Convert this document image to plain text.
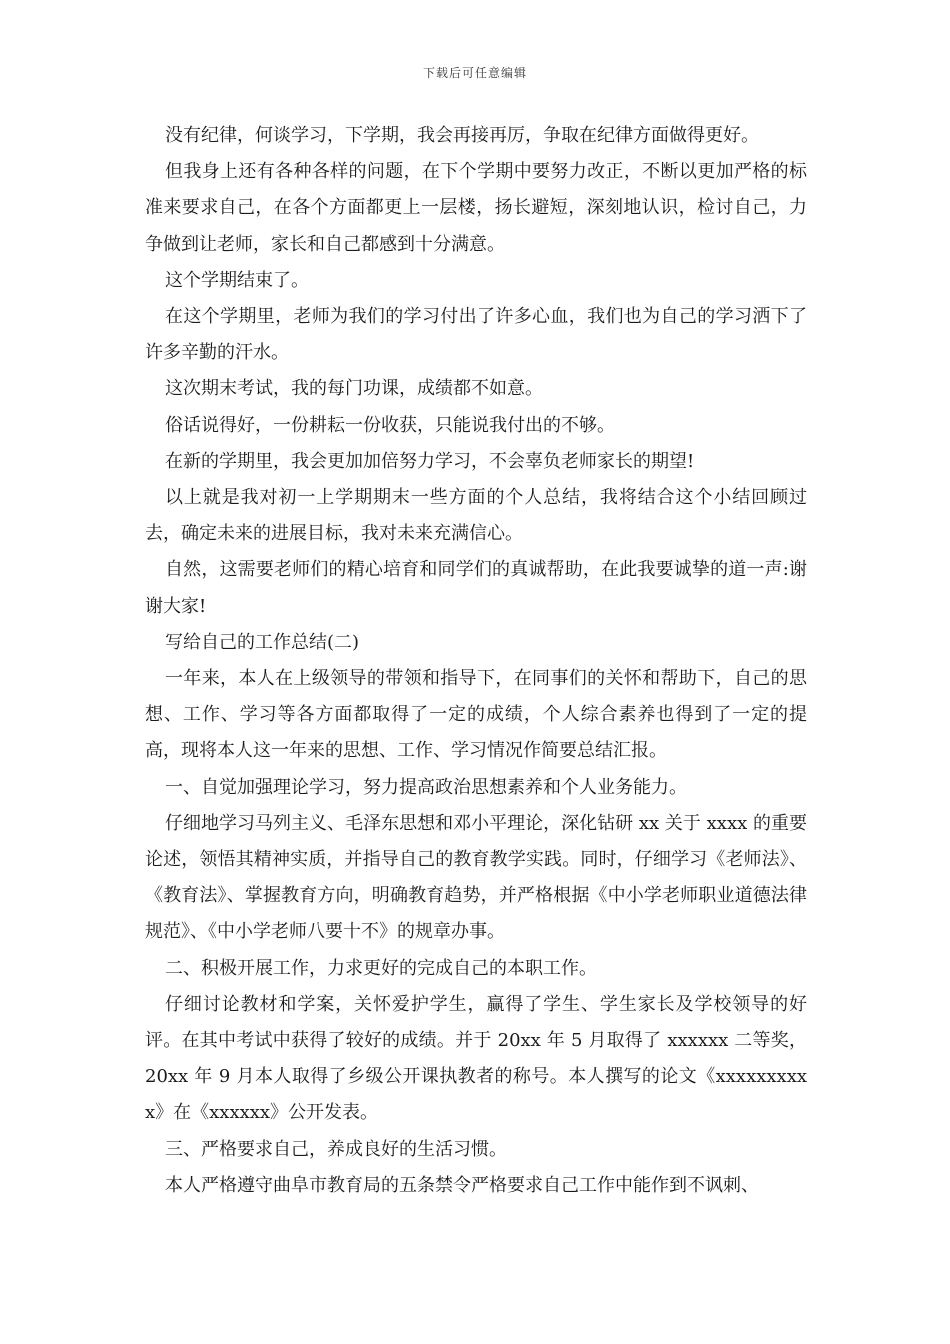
下载后可任意编辑

没有纪律，何谈学习，下学期，我会再接再厉，争取在纪律方面做得更好。

但我身上还有各种各样的问题，在下个学期中要努力改正，不断以更加严格的标准来要求自己，在各个方面都更上一层楼，扬长避短，深刻地认识，检讨自己，力争做到让老师，家长和自己都感到十分满意。

这个学期结束了。

在这个学期里，老师为我们的学习付出了许多心血，我们也为自己的学习洒下了许多辛勤的汗水。

这次期末考试，我的每门功课，成绩都不如意。

俗话说得好，一份耕耘一份收获，只能说我付出的不够。

在新的学期里，我会更加加倍努力学习，不会辜负老师家长的期望!

以上就是我对初一上学期期末一些方面的个人总结，我将结合这个小结回顾过去，确定未来的进展目标，我对未来充满信心。

自然，这需要老师们的精心培育和同学们的真诚帮助，在此我要诚挚的道一声:谢谢大家!

写给自己的工作总结(二)

一年来，本人在上级领导的带领和指导下，在同事们的关怀和帮助下，自己的思想、工作、学习等各方面都取得了一定的成绩，个人综合素养也得到了一定的提高，现将本人这一年来的思想、工作、学习情况作简要总结汇报。

一、自觉加强理论学习，努力提高政治思想素养和个人业务能力。

仔细地学习马列主义、毛泽东思想和邓小平理论，深化钻研 xx 关于 xxxx 的重要论述，领悟其精神实质，并指导自己的教育教学实践。同时，仔细学习《老师法》、《教育法》、掌握教育方向，明确教育趋势，并严格根据《中小学老师职业道德法律规范》、《中小学老师八要十不》的规章办事。

二、积极开展工作，力求更好的完成自己的本职工作。

仔细讨论教材和学案，关怀爱护学生，赢得了学生、学生家长及学校领导的好评。在其中考试中获得了较好的成绩。并于 20xx 年 5 月取得了 xxxxxx 二等奖，20xx 年 9 月本人取得了乡级公开课执教者的称号。本人撰写的论文《xxxxxxxxxx》在《xxxxxx》公开发表。

三、严格要求自己，养成良好的生活习惯。

本人严格遵守曲阜市教育局的五条禁令严格要求自己工作中能作到不讽刺、
